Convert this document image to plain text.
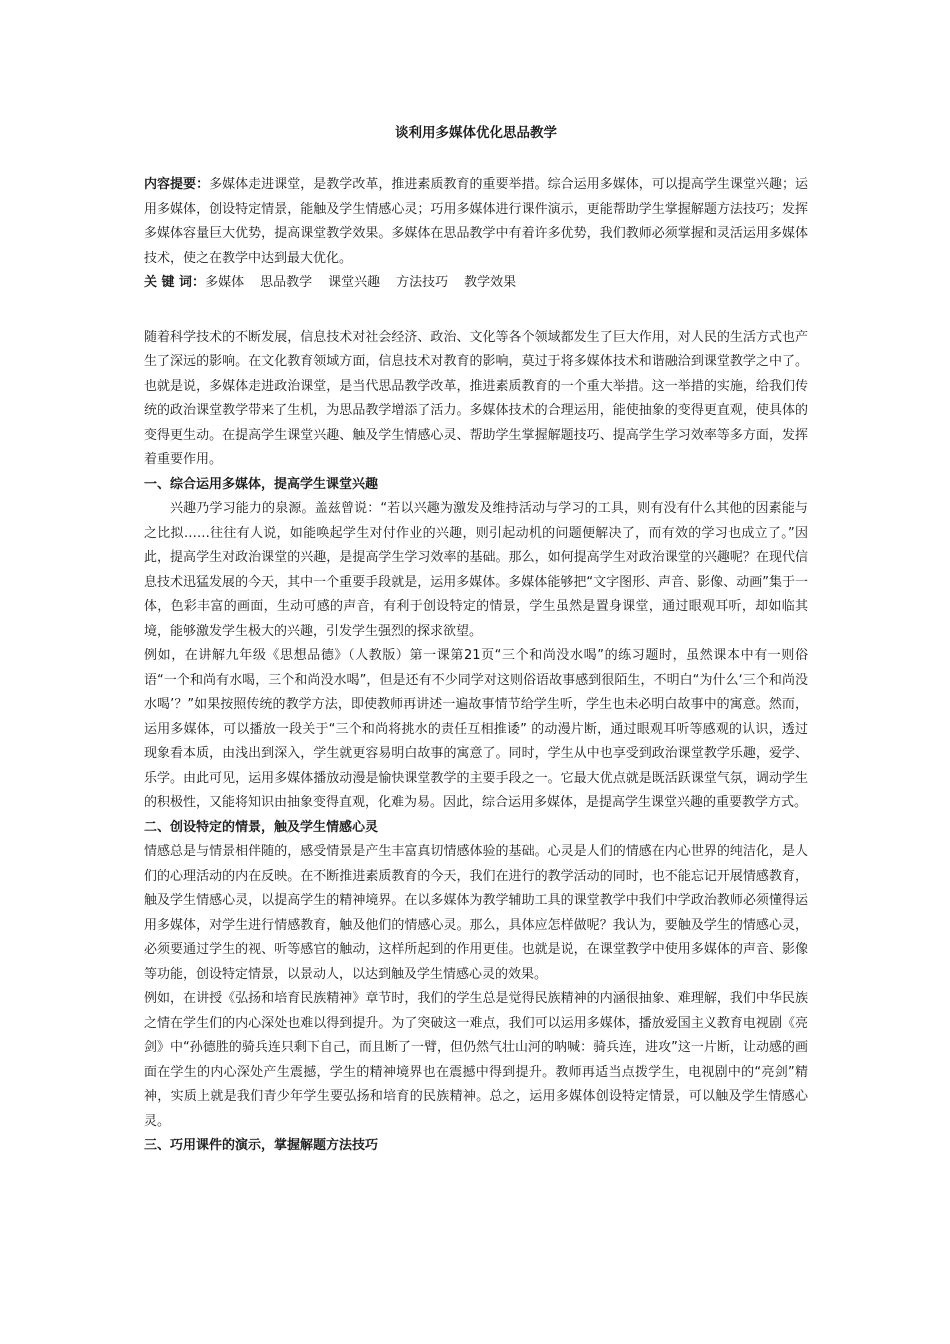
谈利用多媒体优化思品教学

内容提要：多媒体走进课堂，是教学改革，推进素质教育的重要举措。综合运用多媒体，可以提高学生课堂兴趣；运用多媒体，创设特定情景，能触及学生情感心灵；巧用多媒体进行课件演示，更能帮助学生掌握解题方法技巧；发挥多媒体容量巨大优势，提高课堂教学效果。多媒体在思品教学中有着许多优势，我们教师必须掌握和灵活运用多媒体技术，使之在教学中达到最大优化。

关 键 词：多媒体 思品教学 课堂兴趣 方法技巧 教学效果

随着科学技术的不断发展，信息技术对社会经济、政治、文化等各个领域都发生了巨大作用，对人民的生活方式也产生了深远的影响。在文化教育领域方面，信息技术对教育的影响，莫过于将多媒体技术和谐融洽到课堂教学之中了。也就是说，多媒体走进政治课堂，是当代思品教学改革，推进素质教育的一个重大举措。这一举措的实施，给我们传统的政治课堂教学带来了生机，为思品教学增添了活力。多媒体技术的合理运用，能使抽象的变得更直观，使具体的变得更生动。在提高学生课堂兴趣、触及学生情感心灵、帮助学生掌握解题技巧、提高学生学习效率等多方面，发挥着重要作用。

一、综合运用多媒体，提高学生课堂兴趣

兴趣乃学习能力的泉源。盖兹曾说：“若以兴趣为激发及维持活动与学习的工具，则有没有什么其他的因素能与之比拟……往往有人说，如能唤起学生对付作业的兴趣，则引起动机的问题便解决了，而有效的学习也成立了。”因此，提高学生对政治课堂的兴趣，是提高学生学习效率的基础。那么，如何提高学生对政治课堂的兴趣呢？在现代信息技术迅猛发展的今天，其中一个重要手段就是，运用多媒体。多媒体能够把“文字图形、声音、影像、动画”集于一体，色彩丰富的画面，生动可感的声音，有利于创设特定的情景，学生虽然是置身课堂，通过眼观耳听，却如临其境，能够激发学生极大的兴趣，引发学生强烈的探求欲望。

例如，在讲解九年级《思想品德》（人教版）第一课第21页“三个和尚没水喝”的练习题时，虽然课本中有一则俗语“一个和尚有水喝，三个和尚没水喝”，但是还有不少同学对这则俗语故事感到很陌生，不明白“为什么‘三个和尚没水喝’？”如果按照传统的教学方法，即使教师再讲述一遍故事情节给学生听，学生也未必明白故事中的寓意。然而，运用多媒体，可以播放一段关于“三个和尚将挑水的责任互相推诿” 的动漫片断，通过眼观耳听等感观的认识，透过现象看本质，由浅出到深入，学生就更容易明白故事的寓意了。同时，学生从中也享受到政治课堂教学乐趣，爱学、乐学。由此可见，运用多媒体播放动漫是愉快课堂教学的主要手段之一。它最大优点就是既活跃课堂气氛，调动学生的积极性，又能将知识由抽象变得直观，化难为易。因此，综合运用多媒体，是提高学生课堂兴趣的重要教学方式。

二、创设特定的情景，触及学生情感心灵

情感总是与情景相伴随的，感受情景是产生丰富真切情感体验的基础。心灵是人们的情感在内心世界的纯洁化，是人们的心理活动的内在反映。在不断推进素质教育的今天，我们在进行的教学活动的同时，也不能忘记开展情感教育，触及学生情感心灵，以提高学生的精神境界。在以多媒体为教学辅助工具的课堂教学中我们中学政治教师必须懂得运用多媒体，对学生进行情感教育，触及他们的情感心灵。那么，具体应怎样做呢？我认为，要触及学生的情感心灵，必须要通过学生的视、听等感官的触动，这样所起到的作用更佳。也就是说，在课堂教学中使用多媒体的声音、影像等功能，创设特定情景，以景动人，以达到触及学生情感心灵的效果。

例如，在讲授《弘扬和培育民族精神》章节时，我们的学生总是觉得民族精神的内涵很抽象、难理解，我们中华民族之情在学生们的内心深处也难以得到提升。为了突破这一难点，我们可以运用多媒体，播放爱国主义教育电视剧《亮剑》中“孙德胜的骑兵连只剩下自己，而且断了一臂，但仍然气壮山河的呐喊：骑兵连，进攻”这一片断，让动感的画面在学生的内心深处产生震撼，学生的精神境界也在震撼中得到提升。教师再适当点拨学生，电视剧中的“亮剑”精神，实质上就是我们青少年学生要弘扬和培育的民族精神。总之，运用多媒体创设特定情景，可以触及学生情感心灵。

三、巧用课件的演示，掌握解题方法技巧
